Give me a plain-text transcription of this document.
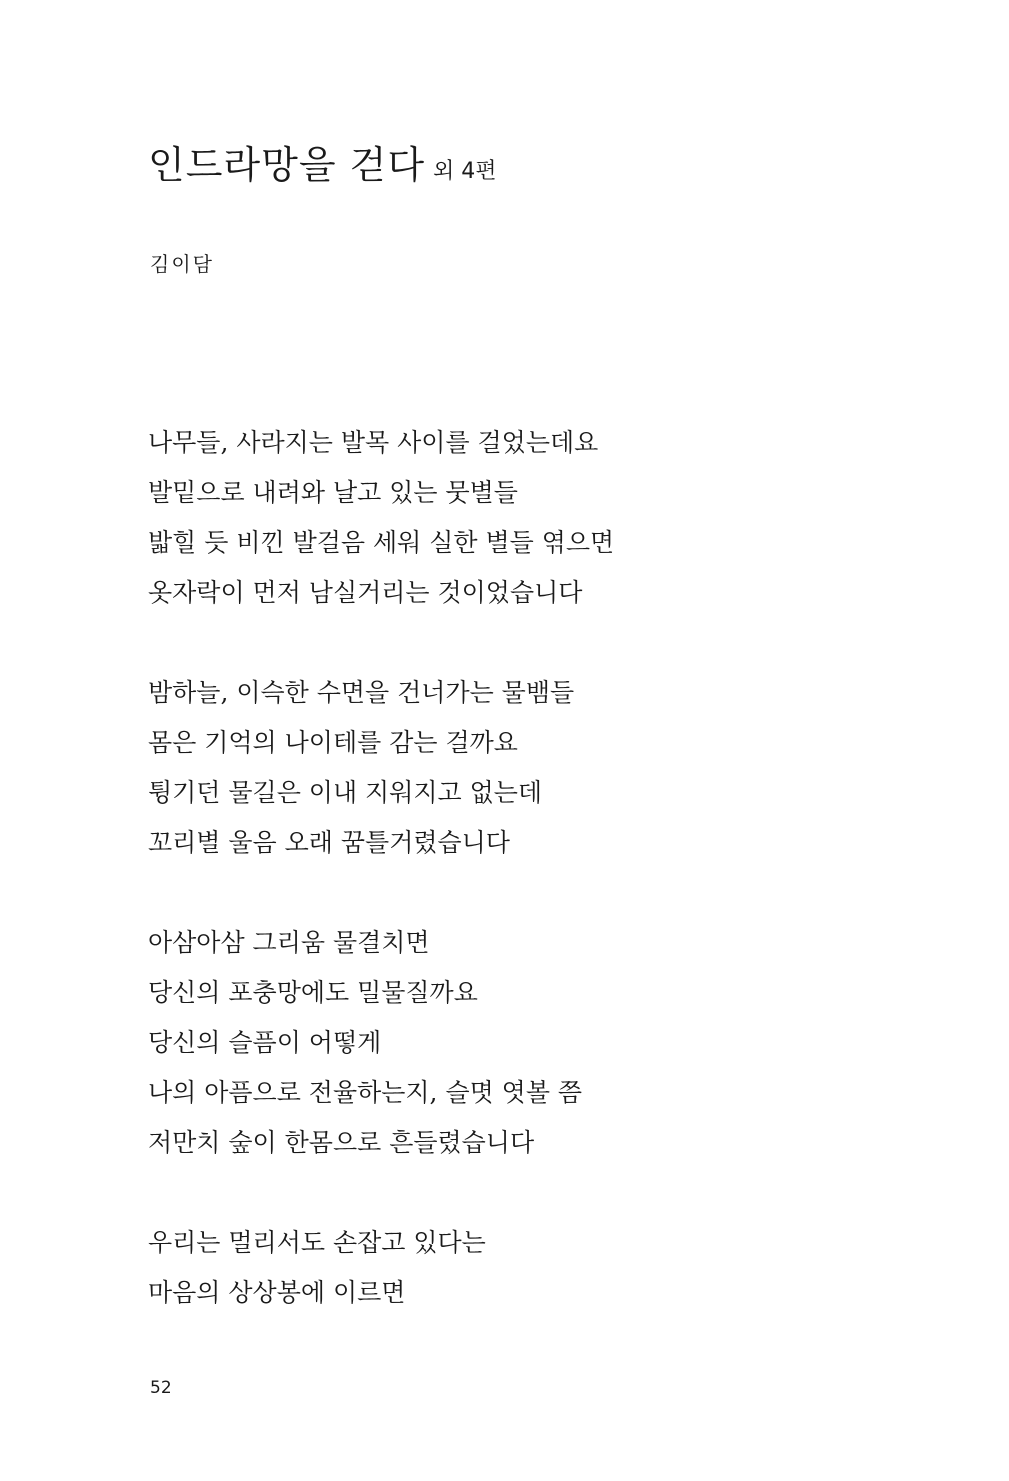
인드라망을 걷다 외 4편
김이담
나무들, 사라지는 발목 사이를 걸었는데요
발밑으로 내려와 날고 있는 뭇별들
밟힐 듯 비낀 발걸음 세워 실한 별들 엮으면
옷자락이 먼저 남실거리는 것이었습니다
밤하늘, 이슥한 수면을 건너가는 물뱀들
몸은 기억의 나이테를 감는 걸까요
튕기던 물길은 이내 지워지고 없는데
꼬리별 울음 오래 꿈틀거렸습니다
아삼아삼 그리움 물결치면
당신의 포충망에도 밀물질까요
당신의 슬픔이 어떻게
나의 아픔으로 전율하는지, 슬몃 엿볼 쯤
저만치 숲이 한몸으로 흔들렸습니다
우리는 멀리서도 손잡고 있다는
마음의 상상봉에 이르면
52
